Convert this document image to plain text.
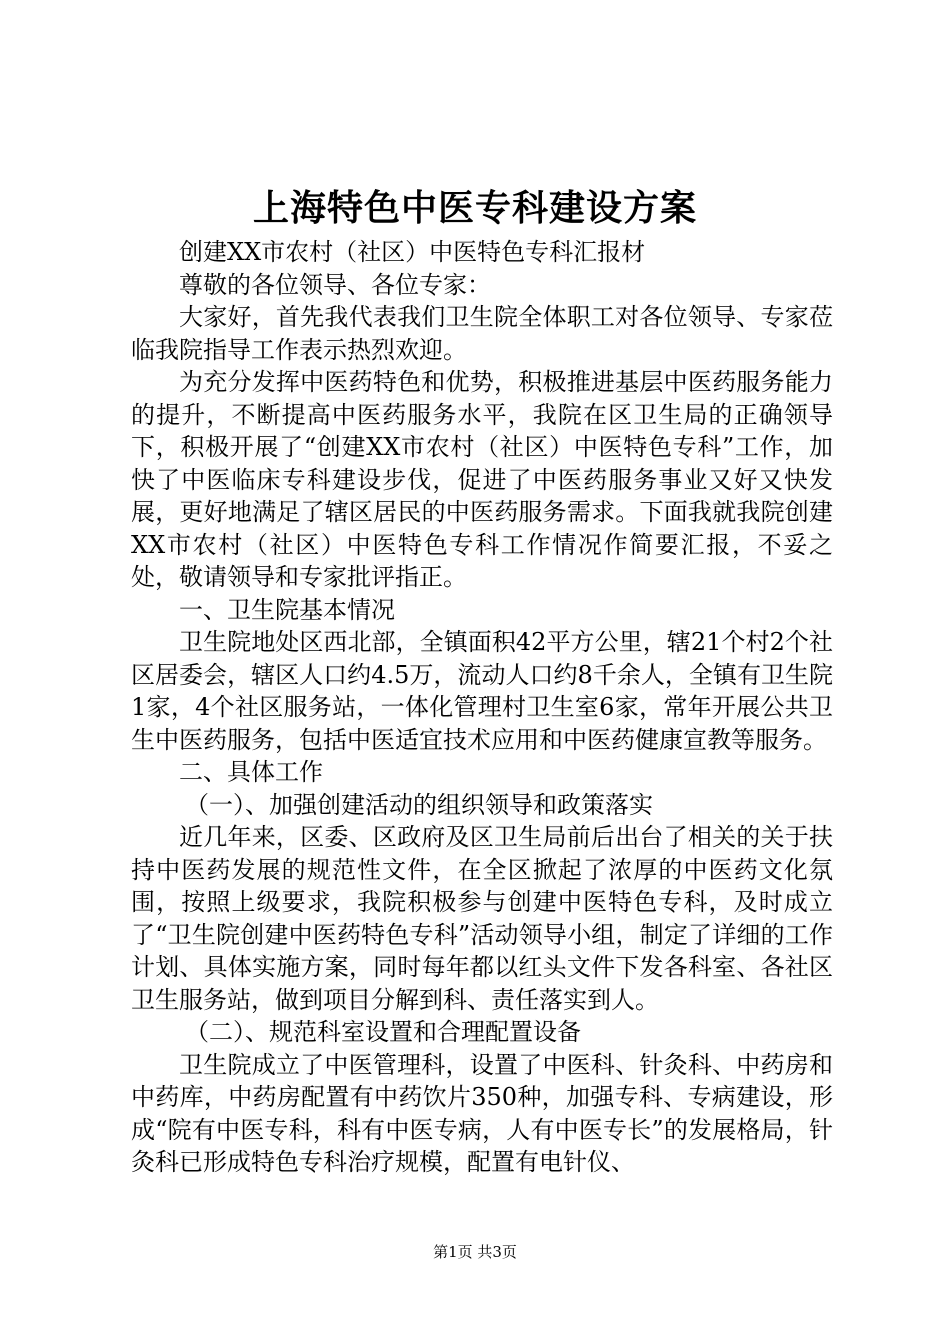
上海特色中医专科建设方案

创建XX市农村（社区）中医特色专科汇报材

尊敬的各位领导、各位专家：

大家好，首先我代表我们卫生院全体职工对各位领导、专家莅临我院指导工作表示热烈欢迎。

为充分发挥中医药特色和优势，积极推进基层中医药服务能力的提升，不断提高中医药服务水平，我院在区卫生局的正确领导下，积极开展了“创建XX市农村（社区）中医特色专科”工作，加快了中医临床专科建设步伐，促进了中医药服务事业又好又快发展，更好地满足了辖区居民的中医药服务需求。下面我就我院创建XX市农村（社区）中医特色专科工作情况作简要汇报，不妥之处，敬请领导和专家批评指正。

一、卫生院基本情况

卫生院地处区西北部，全镇面积42平方公里，辖21个村2个社区居委会，辖区人口约4.5万，流动人口约8千余人，全镇有卫生院1家，4个社区服务站，一体化管理村卫生室6家，常年开展公共卫生中医药服务，包括中医适宜技术应用和中医药健康宣教等服务。

二、具体工作

（一）、加强创建活动的组织领导和政策落实

近几年来，区委、区政府及区卫生局前后出台了相关的关于扶持中医药发展的规范性文件，在全区掀起了浓厚的中医药文化氛围，按照上级要求，我院积极参与创建中医特色专科，及时成立了“卫生院创建中医药特色专科”活动领导小组，制定了详细的工作计划、具体实施方案，同时每年都以红头文件下发各科室、各社区卫生服务站，做到项目分解到科、责任落实到人。

（二）、规范科室设置和合理配置设备

卫生院成立了中医管理科，设置了中医科、针灸科、中药房和中药库，中药房配置有中药饮片350种，加强专科、专病建设，形成“院有中医专科，科有中医专病，人有中医专长”的发展格局，针灸科已形成特色专科治疗规模，配置有电针仪、

第1页 共3页
